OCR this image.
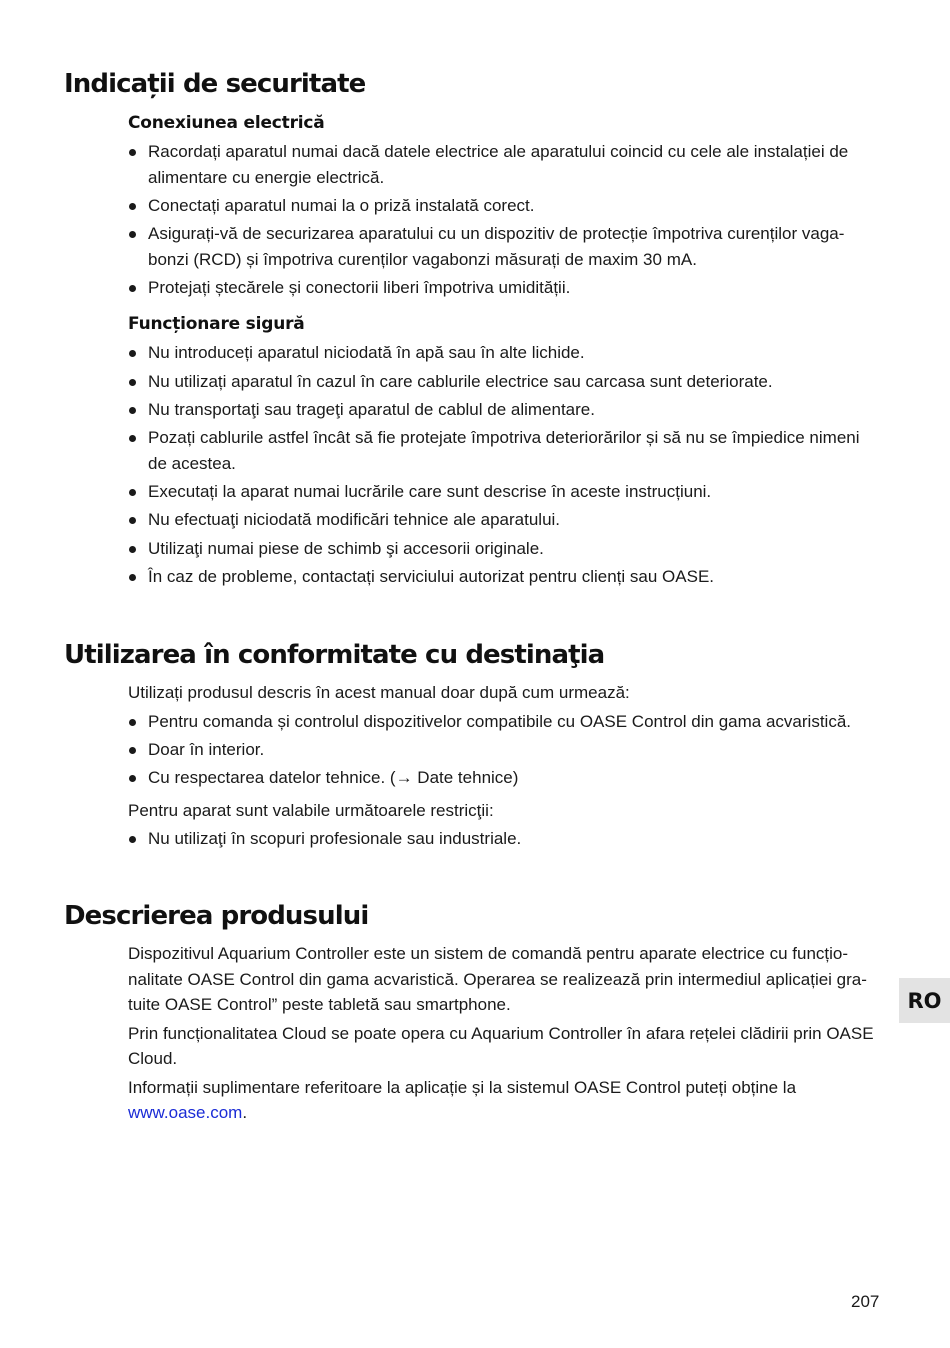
Indicații de securitate
Conexiunea electrică
Racordați aparatul numai dacă datele electrice ale aparatului coincid cu cele ale instalației de alimentare cu energie electrică.
Conectați aparatul numai la o priză instalată corect.
Asigurați-vă de securizarea aparatului cu un dispozitiv de protecție împotriva curenților vagabonzi (RCD) și împotriva curenților vagabonzi măsurați de maxim 30 mA.
Protejați ștecărele și conectorii liberi împotriva umidității.
Funcționare sigură
Nu introduceți aparatul niciodată în apă sau în alte lichide.
Nu utilizați aparatul în cazul în care cablurile electrice sau carcasa sunt deteriorate.
Nu transportaţi sau trageţi aparatul de cablul de alimentare.
Pozați cablurile astfel încât să fie protejate împotriva deteriorărilor și să nu se împiedice nimeni de acestea.
Executați la aparat numai lucrările care sunt descrise în aceste instrucțiuni.
Nu efectuaţi niciodată modificări tehnice ale aparatului.
Utilizaţi numai piese de schimb şi accesorii originale.
În caz de probleme, contactați serviciului autorizat pentru clienți sau OASE.
Utilizarea în conformitate cu destinaţia

Utilizați produsul descris în acest manual doar după cum urmează:

Pentru comanda și controlul dispozitivelor compatibile cu OASE Control din gama acvaristică.
Doar în interior.
Cu respectarea datelor tehnice. (→ Date tehnice)

Pentru aparat sunt valabile următoarele restricţii:

Nu utilizaţi în scopuri profesionale sau industriale.
Descrierea produsului

Dispozitivul Aquarium Controller este un sistem de comandă pentru aparate electrice cu funcționalitate OASE Control din gama acvaristică. Operarea se realizează prin intermediul aplicației gratuite OASE Control” peste tabletă sau smartphone.

Prin funcționalitatea Cloud se poate opera cu Aquarium Controller în afara rețelei clădirii prin OASE Cloud.

Informații suplimentare referitoare la aplicație și la sistemul OASE Control puteți obține la
www.oase.com.

RO
207
